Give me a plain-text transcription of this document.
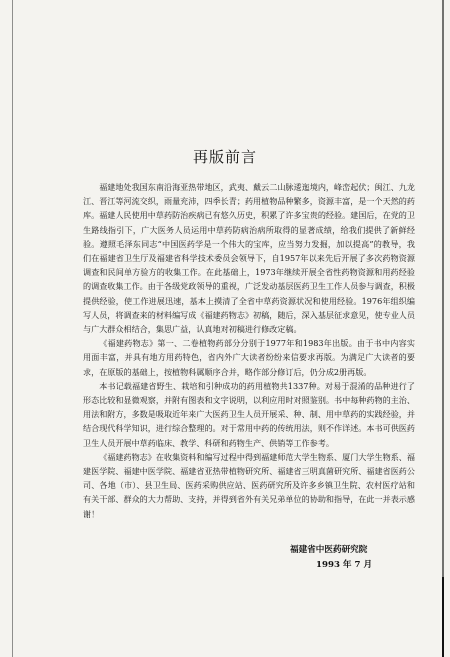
再版前言

福建地处我国东南沿海亚热带地区，武夷、戴云二山脉逶迤境内，峰峦起伏；闽江、九龙江、晋江等河流交织，雨量充沛，四季长青；药用植物品种繁多，资源丰富，是一个天然的药库。福建人民使用中草药防治疾病已有悠久历史，积累了许多宝贵的经验。建国后，在党的卫生路线指引下，广大医务人员运用中草药防病治病所取得的显著成绩，给我们提供了新鲜经验。遵照毛泽东同志“中国医药学是一个伟大的宝库，应当努力发掘，加以提高”的教导，我们在福建省卫生厅及福建省科学技术委员会领导下，自1957年以来先后开展了多次药物资源调查和民间单方验方的收集工作。在此基础上，1973年继续开展全省性药物资源和用药经验的调查收集工作。由于各级党政领导的重视，广泛发动基层医药卫生工作人员参与调查，积极提供经验，使工作进展迅速，基本上摸清了全省中草药资源状况和使用经验。1976年组织编写人员，将调查来的材料编写成《福建药物志》初稿，随后，深入基层征求意见，使专业人员与广大群众相结合，集思广益，认真地对初稿进行修改定稿。

《福建药物志》第一、二卷植物药部分分别于1977年和1983年出版。由于书中内容实用面丰富，并具有地方用药特色，省内外广大读者纷纷来信要求再版。为满足广大读者的要求，在原版的基础上，按植物科属顺序合并，略作部分修订后，仍分成2册再版。

本书记载福建省野生、栽培和引种成功的药用植物共1337种。对易于混淆的品种进行了形态比较和显微观察，并附有图表和文字说明，以利应用时对照鉴别。书中每种药物的主治、用法和附方，多数是吸取近年来广大医药卫生人员开展采、种、制、用中草药的实践经验，并结合现代科学知识，进行综合整理的。对于常用中药的传统用法，则不作详述。本书可供医药卫生人员开展中草药临床、教学、科研和药物生产、供销等工作参考。

《福建药物志》在收集资料和编写过程中得到福建师范大学生物系、厦门大学生物系、福建医学院、福建中医学院、福建省亚热带植物研究所、福建省三明真菌研究所、福建省医药公司、各地（市）、县卫生局、医药采购供应站、医药研究所及许多乡镇卫生院、农村医疗站和有关干部、群众的大力帮助、支持，并得到省外有关兄弟单位的协助和指导，在此一并表示感谢！

福建省中医药研究院
1993 年 7 月
